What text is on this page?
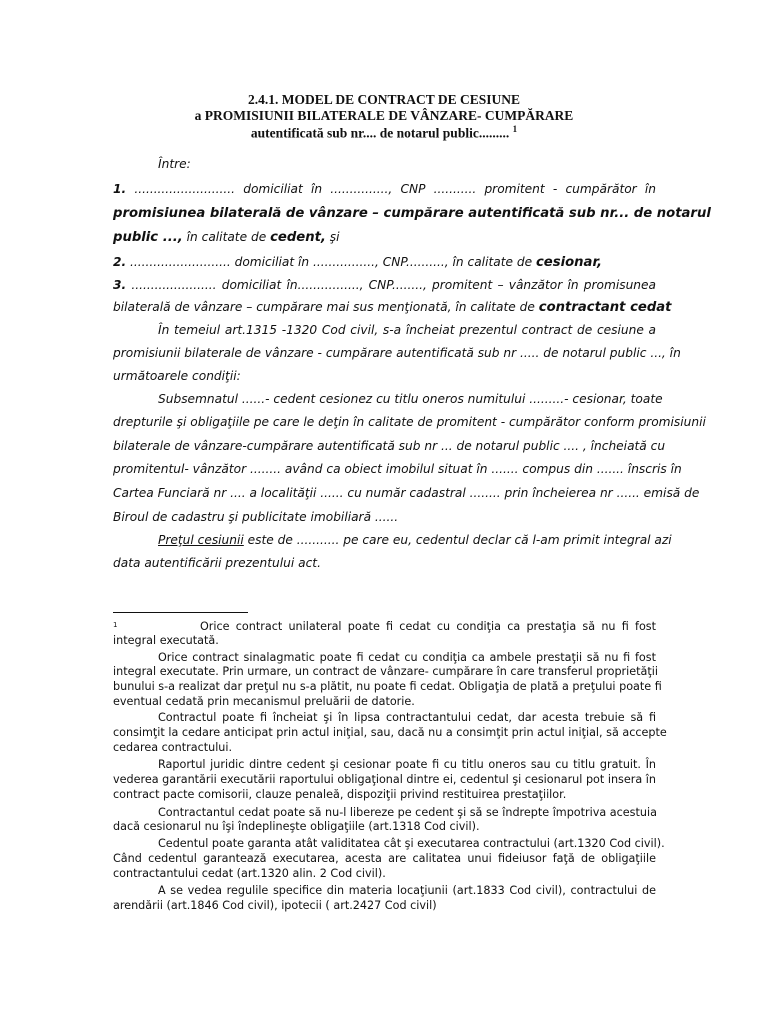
2.4.1. MODEL DE CONTRACT DE CESIUNE
a PROMISIUNII BILATERALE DE VÂNZARE- CUMPĂRARE
autentificată sub nr.... de notarul public......... $^1$
Între:
1. .......................... domiciliat în ..............., CNP ........... promitent - cumpărător în
promisiunea bilaterală de vânzare – cumpărare autentificată sub nr... de notarul
public ..., în calitate de cedent, şi
2. .......................... domiciliat în ................, CNP.........., în calitate de cesionar,
3. ...................... domiciliat în................, CNP........, promitent – vânzător în promisunea
bilaterală de vânzare – cumpărare mai sus menţionată, în calitate de contractant cedat
În temeiul art.1315 -1320 Cod civil, s-a încheiat prezentul contract de cesiune a
promisiunii bilaterale de vânzare - cumpărare autentificată sub nr ..... de notarul public ..., în
următoarele condiţii:
Subsemnatul ......- cedent cesionez cu titlu oneros numitului .........- cesionar, toate
drepturile şi obligaţiile pe care le deţin în calitate de promitent - cumpărător conform promisiunii
bilaterale de vânzare-cumpărare autentificată sub nr ... de notarul public .... , încheiată cu
promitentul- vânzător ........ având ca obiect imobilul situat în ....... compus din ....... înscris în
Cartea Funciară nr .... a localităţii ...... cu număr cadastral ........ prin încheierea nr ...... emisă de
Biroul de cadastru şi publicitate imobiliară ......
Preţul cesiunii este de ........... pe care eu, cedentul declar că l-am primit integral azi
data autentificării prezentului act.
1	Orice contract unilateral poate fi cedat cu condiţia ca prestaţia să nu fi fost
integral executată.
Orice contract sinalagmatic poate fi cedat cu condiţia ca ambele prestaţii să nu fi fost
integral executate. Prin urmare, un contract de vânzare- cumpărare în care transferul proprietăţii
bunului s-a realizat dar preţul nu s-a plătit, nu poate fi cedat. Obligaţia de plată a preţului poate fi
eventual cedată prin mecanismul preluării de datorie.
Contractul poate fi încheiat şi în lipsa contractantului cedat, dar acesta trebuie să fi
consimţit la cedare anticipat prin actul iniţial, sau, dacă nu a consimţit prin actul iniţial, să accepte
cedarea contractului.
Raportul juridic dintre cedent şi cesionar poate fi cu titlu oneros sau cu titlu gratuit. În
vederea garantării executării raportului obligaţional dintre ei, cedentul şi cesionarul pot insera în
contract pacte comisorii, clauze penaleă, dispoziţii privind restituirea prestaţiilor.
Contractantul cedat poate să nu-l libereze pe cedent şi să se îndrepte împotriva acestuia
dacă cesionarul nu îşi îndeplineşte obligaţiile (art.1318 Cod civil).
Cedentul poate garanta atât validitatea cât şi executarea contractului (art.1320 Cod civil).
Când cedentul garantează executarea, acesta are calitatea unui fideiusor faţă de obligaţiile
contractantului cedat (art.1320 alin. 2 Cod civil).
A se vedea regulile specifice din materia locaţiunii (art.1833 Cod civil), contractului de
arendării (art.1846 Cod civil), ipotecii ( art.2427 Cod civil)
